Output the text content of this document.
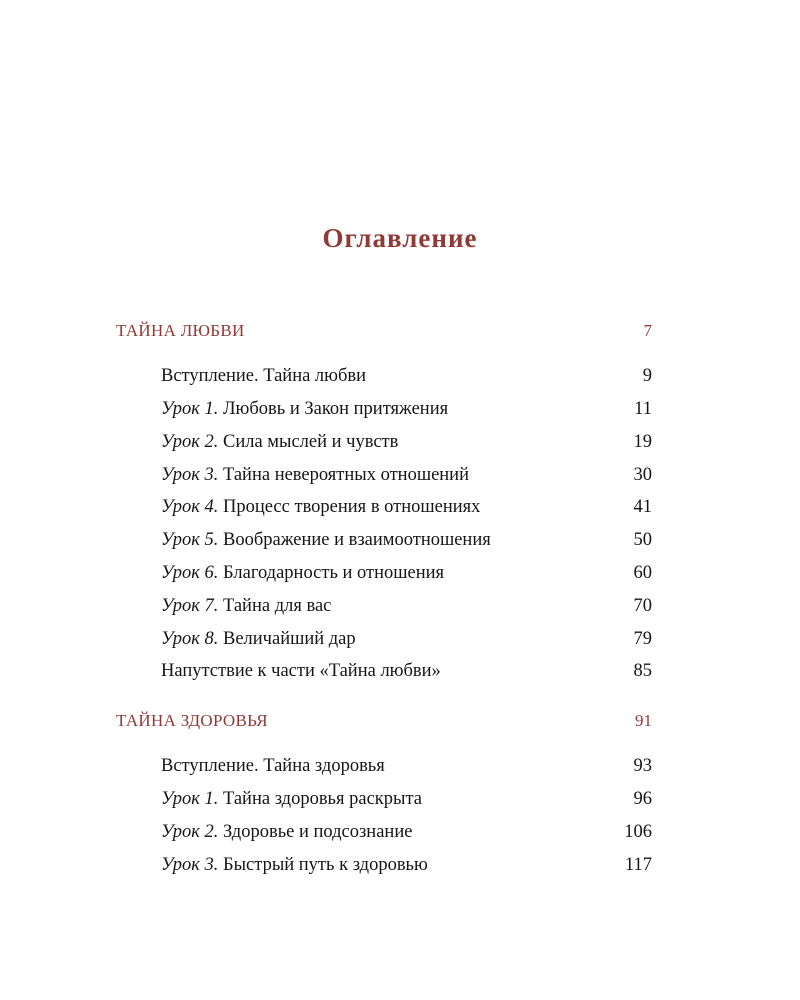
Оглавление
ТАЙНА ЛЮБВИ	7
Вступление. Тайна любви	9
Урок 1. Любовь и Закон притяжения	11
Урок 2. Сила мыслей и чувств	19
Урок 3. Тайна невероятных отношений	30
Урок 4. Процесс творения в отношениях	41
Урок 5. Воображение и взаимоотношения	50
Урок 6. Благодарность и отношения	60
Урок 7. Тайна для вас	70
Урок 8. Величайший дар	79
Напутствие к части «Тайна любви»	85
ТАЙНА ЗДОРОВЬЯ	91
Вступление. Тайна здоровья	93
Урок 1. Тайна здоровья раскрыта	96
Урок 2. Здоровье и подсознание	106
Урок 3. Быстрый путь к здоровью	117
